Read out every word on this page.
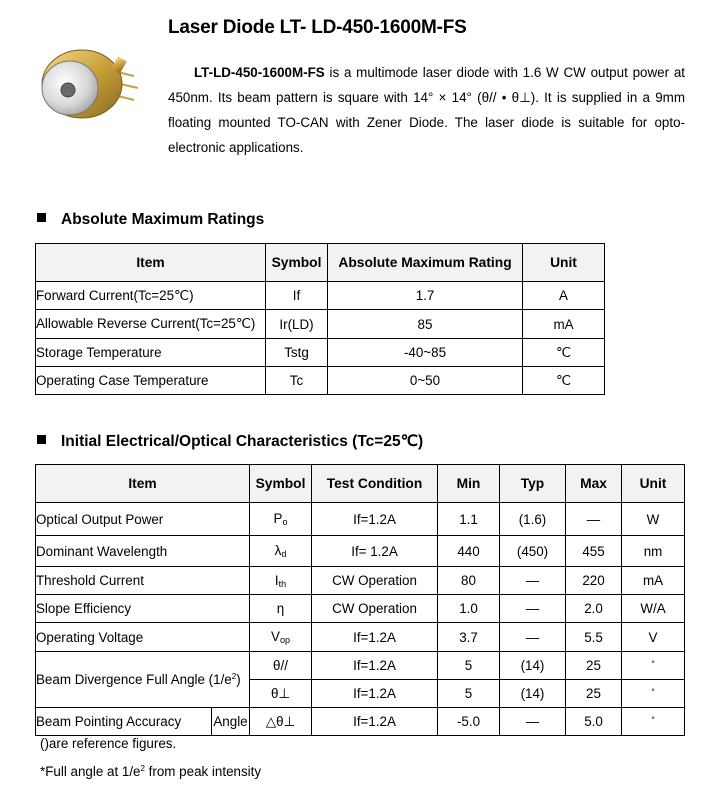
Laser Diode LT- LD-450-1600M-FS
LT-LD-450-1600M-FS is a multimode laser diode with 1.6 W CW output power at 450nm. Its beam pattern is square with 14° × 14° (θ// • θ⊥). It is supplied in a 9mm floating mounted TO-CAN with Zener Diode. The laser diode is suitable for opto-electronic applications.
Absolute Maximum Ratings
Item	Symbol	Absolute Maximum Rating	Unit
Forward Current(Tc=25℃)	If	1.7	A
Allowable Reverse Current(Tc=25℃)	Ir(LD)	85	mA
Storage Temperature	Tstg	-40~85	℃
Operating Case Temperature	Tc	0~50	℃
Initial Electrical/Optical Characteristics (Tc=25℃)
Item		Symbol	Test Condition	Min	Typ	Max	Unit
Optical Output Power		$P_o$	If=1.2A	1.1	(1.6)	—	W
Dominant Wavelength		$\lambda_d$	If= 1.2A	440	(450)	455	nm
Threshold Current		$I_{th}$	CW Operation	80	—	220	mA
Slope Efficiency		η	CW Operation	1.0	—	2.0	W/A
Operating Voltage		$V_{op}$	If=1.2A	3.7	—	5.5	V
Beam Divergence Full Angle $(1/e^2)$		θ//	If=1.2A	5	(14)	25	°
		θ⊥	If=1.2A	5	(14)	25	°
Beam Pointing Accuracy	Angle	△θ⊥	If=1.2A	-5.0	—	5.0	°
()are reference figures.
*Full angle at $1/e^2$ from peak intensity
